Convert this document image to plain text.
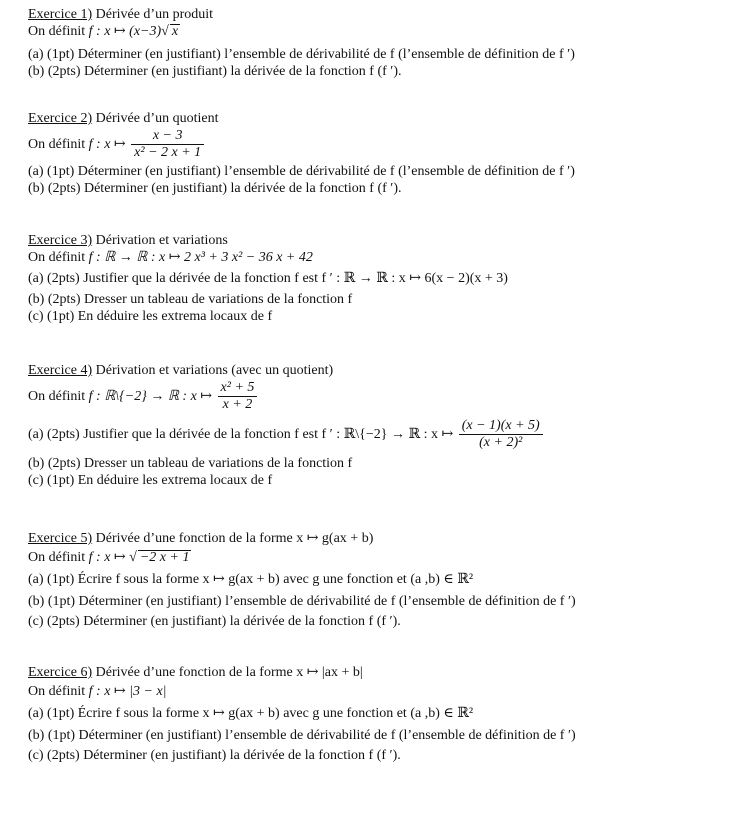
Exercice 1) Dérivée d’un produit
On définit f : x ↦ (x−3)√ x
(a) (1pt) Déterminer (en justifiant) l’ensemble de dérivabilité de f (l’ensemble de définition de f ′)
(b) (2pts) Déterminer (en justifiant) la dérivée de la fonction f (f ′).
Exercice 2) Dérivée d’un quotient
On définit f : x ↦ $\frac{x - 3}{\text{x² − 2 x + 1}}$
(a) (1pt) Déterminer (en justifiant) l’ensemble de dérivabilité de f (l’ensemble de définition de f ′)
(b) (2pts) Déterminer (en justifiant) la dérivée de la fonction f (f ′).
Exercice 3) Dérivation et variations
On définit f : ℝ → ℝ : x ↦ 2 x³ + 3 x² − 36 x + 42
(a) (2pts) Justifier que la dérivée de la fonction f est f ′ : ℝ → ℝ : x ↦ 6(x − 2)(x + 3)
(b) (2pts) Dresser un tableau de variations de la fonction f
(c) (1pt) En déduire les extrema locaux de f
Exercice 4) Dérivation et variations (avec un quotient)
On définit f : ℝ\{−2} → ℝ : x ↦ $\frac{\text{x² + 5}}{x + 2}$
(a) (2pts) Justifier que la dérivée de la fonction f est f ′ : ℝ\{−2} → ℝ : x ↦ $\frac{(x - 1)(x + 5)}{\text{(x + 2)²}}$
(b) (2pts) Dresser un tableau de variations de la fonction f
(c) (1pt) En déduire les extrema locaux de f
Exercice 5) Dérivée d’une fonction de la forme x ↦ g(ax + b)
On définit f : x ↦ √ −2 x + 1
(a) (1pt) Écrire f sous la forme x ↦ g(ax + b) avec g une fonction et (a ,b) ∈ ℝ²
(b) (1pt) Déterminer (en justifiant) l’ensemble de dérivabilité de f (l’ensemble de définition de f ′)
(c) (2pts) Déterminer (en justifiant) la dérivée de la fonction f (f ′).
Exercice 6) Dérivée d’une fonction de la forme x ↦ |ax + b|
On définit f : x ↦ |3 − x|
(a) (1pt) Écrire f sous la forme x ↦ g(ax + b) avec g une fonction et (a ,b) ∈ ℝ²
(b) (1pt) Déterminer (en justifiant) l’ensemble de dérivabilité de f (l’ensemble de définition de f ′)
(c) (2pts) Déterminer (en justifiant) la dérivée de la fonction f (f ′).
